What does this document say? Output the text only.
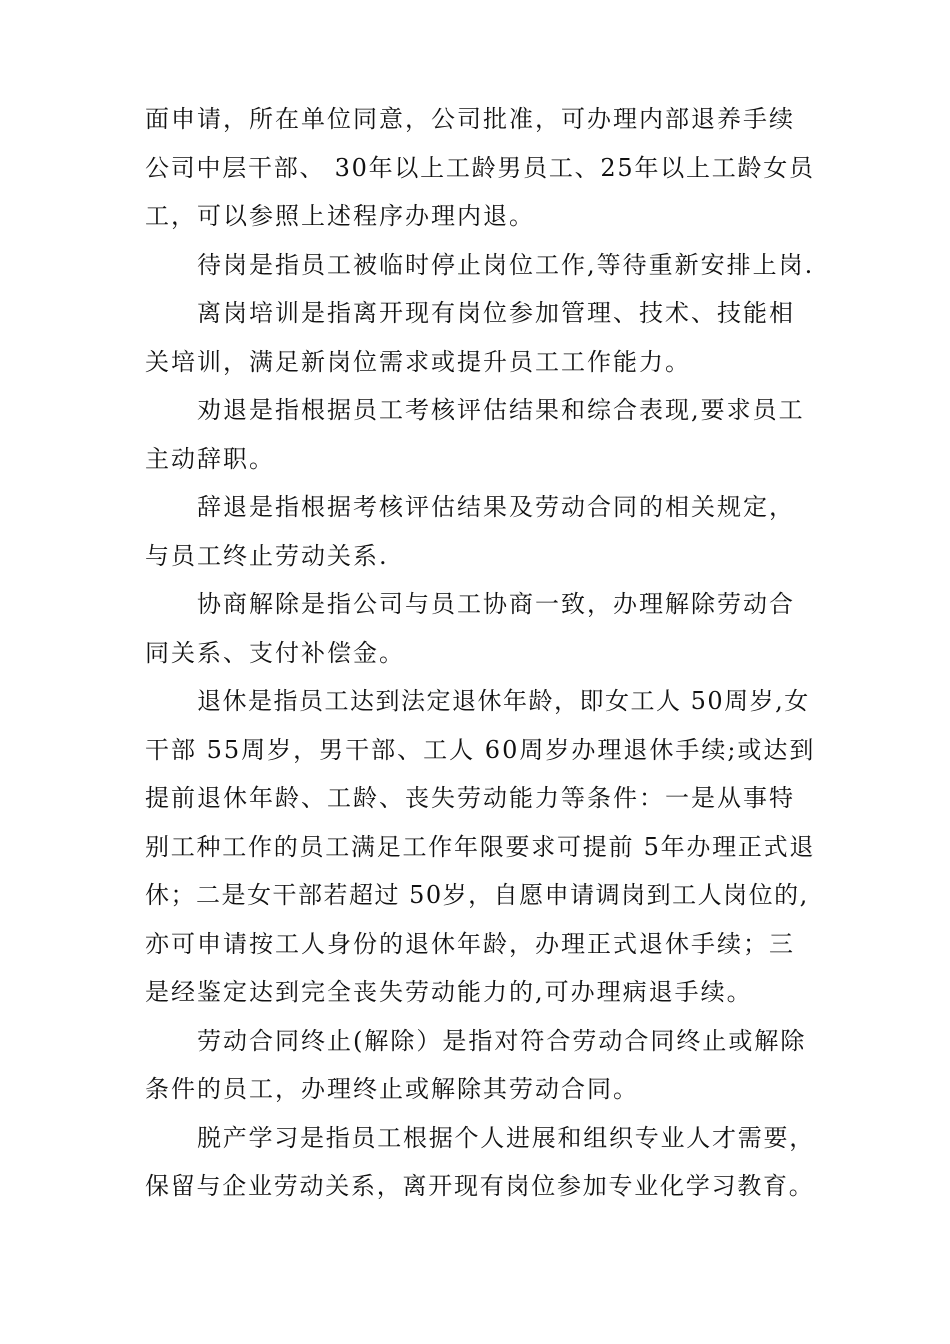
面申请，所在单位同意，公司批准，可办理内部退养手续
公司中层干部、 30年以上工龄男员工、25年以上工龄女员
工，可以参照上述程序办理内退。
待岗是指员工被临时停止岗位工作,等待重新安排上岗.
离岗培训是指离开现有岗位参加管理、技术、技能相
关培训，满足新岗位需求或提升员工工作能力。
劝退是指根据员工考核评估结果和综合表现,要求员工
主动辞职。
辞退是指根据考核评估结果及劳动合同的相关规定，
与员工终止劳动关系.
协商解除是指公司与员工协商一致，办理解除劳动合
同关系、支付补偿金。
退休是指员工达到法定退休年龄，即女工人 50周岁,女
干部 55周岁，男干部、工人 60周岁办理退休手续;或达到
提前退休年龄、工龄、丧失劳动能力等条件：一是从事特
别工种工作的员工满足工作年限要求可提前 5年办理正式退
休；二是女干部若超过 50岁，自愿申请调岗到工人岗位的,
亦可申请按工人身份的退休年龄，办理正式退休手续；三
是经鉴定达到完全丧失劳动能力的,可办理病退手续。
劳动合同终止(解除）是指对符合劳动合同终止或解除
条件的员工，办理终止或解除其劳动合同。
脱产学习是指员工根据个人进展和组织专业人才需要，
保留与企业劳动关系，离开现有岗位参加专业化学习教育。
